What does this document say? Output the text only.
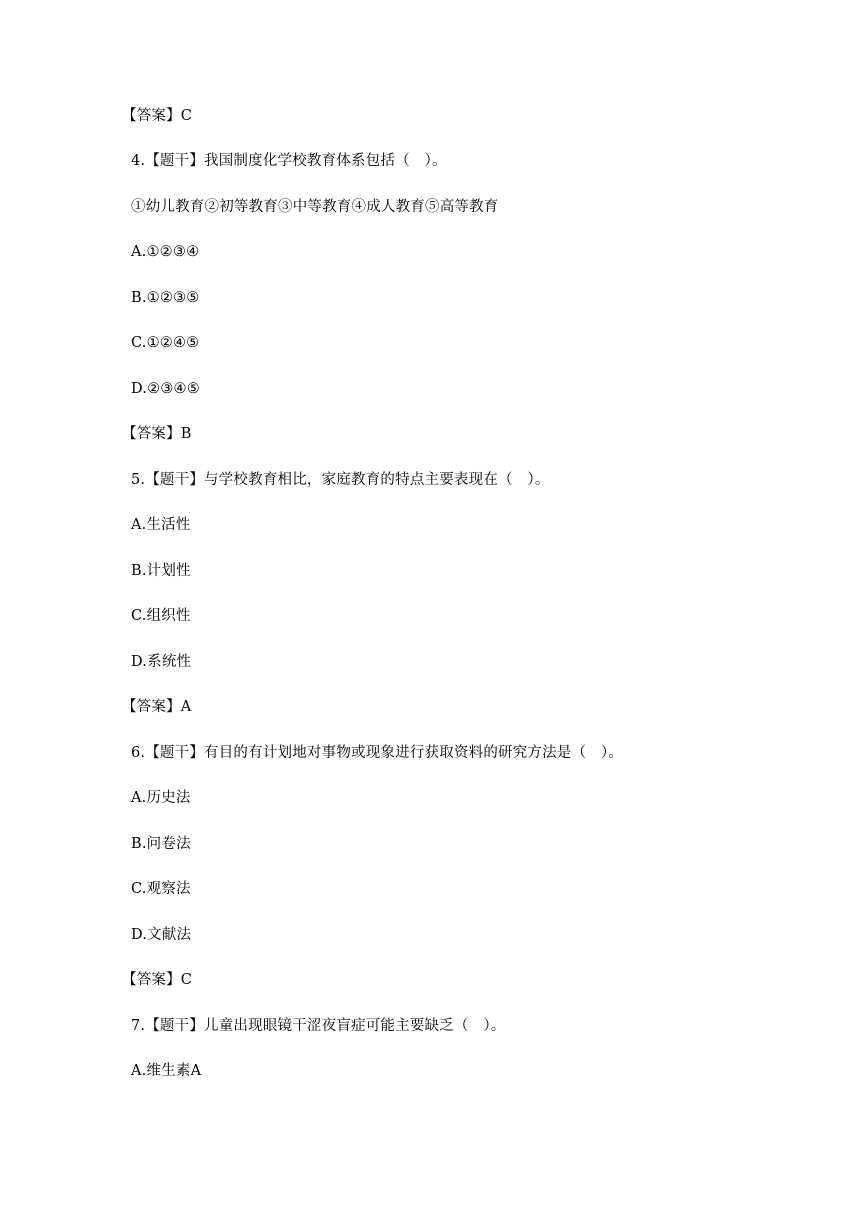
【答案】C
4.【题干】我国制度化学校教育体系包括（　）。
①幼儿教育②初等教育③中等教育④成人教育⑤高等教育
A.①②③④
B.①②③⑤
C.①②④⑤
D.②③④⑤
【答案】B
5.【题干】与学校教育相比，家庭教育的特点主要表现在（　）。
A.生活性
B.计划性
C.组织性
D.系统性
【答案】A
6.【题干】有目的有计划地对事物或现象进行获取资料的研究方法是（　）。
A.历史法
B.问卷法
C.观察法
D.文献法
【答案】C
7.【题干】儿童出现眼镜干涩夜盲症可能主要缺乏（　）。
A.维生素A
